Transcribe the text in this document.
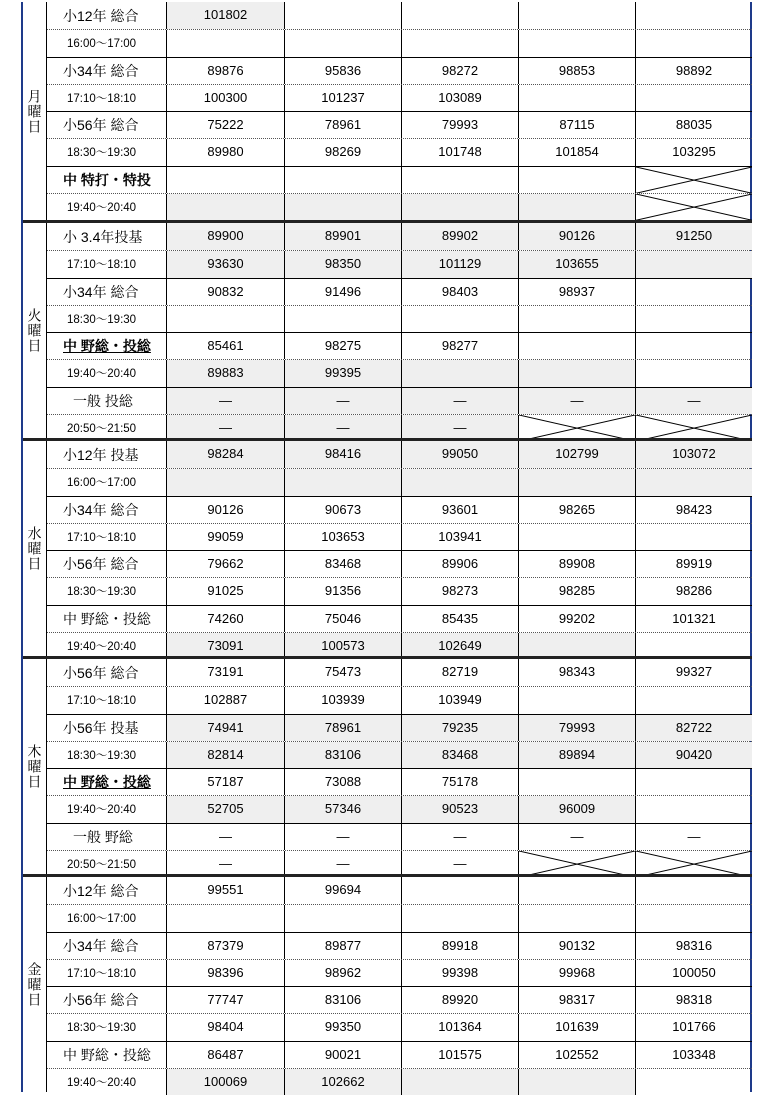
月曜日
小12年 総合	101802
16:00～17:00
小34年 総合	89876	95836	98272	98853	98892
17:10～18:10	100300	101237	103089
小56年 総合	75222	78961	79993	87115	88035
18:30～19:30	89980	98269	101748	101854	103295
中 特打・特投
19:40～20:40
火曜日
小 3.4年投基	89900	89901	89902	90126	91250
17:10～18:10	93630	98350	101129	103655
小34年 総合	90832	91496	98403	98937
18:30～19:30
中 野総・投総	85461	98275	98277
19:40～20:40	89883	99395
一般 投総	—	—	—	—	—
20:50～21:50	—	—	—
水曜日
小12年 投基	98284	98416	99050	102799	103072
16:00～17:00
小34年 総合	90126	90673	93601	98265	98423
17:10～18:10	99059	103653	103941
小56年 総合	79662	83468	89906	89908	89919
18:30～19:30	91025	91356	98273	98285	98286
中 野総・投総	74260	75046	85435	99202	101321
19:40～20:40	73091	100573	102649
木曜日
小56年 総合	73191	75473	82719	98343	99327
17:10～18:10	102887	103939	103949
小56年 投基	74941	78961	79235	79993	82722
18:30～19:30	82814	83106	83468	89894	90420
中 野総・投総	57187	73088	75178
19:40～20:40	52705	57346	90523	96009
一般 野総	—	—	—	—	—
20:50～21:50	—	—	—
金曜日
小12年 総合	99551	99694
16:00～17:00
小34年 総合	87379	89877	89918	90132	98316
17:10～18:10	98396	98962	99398	99968	100050
小56年 総合	77747	83106	89920	98317	98318
18:30～19:30	98404	99350	101364	101639	101766
中 野総・投総	86487	90021	101575	102552	103348
19:40～20:40	100069	102662
